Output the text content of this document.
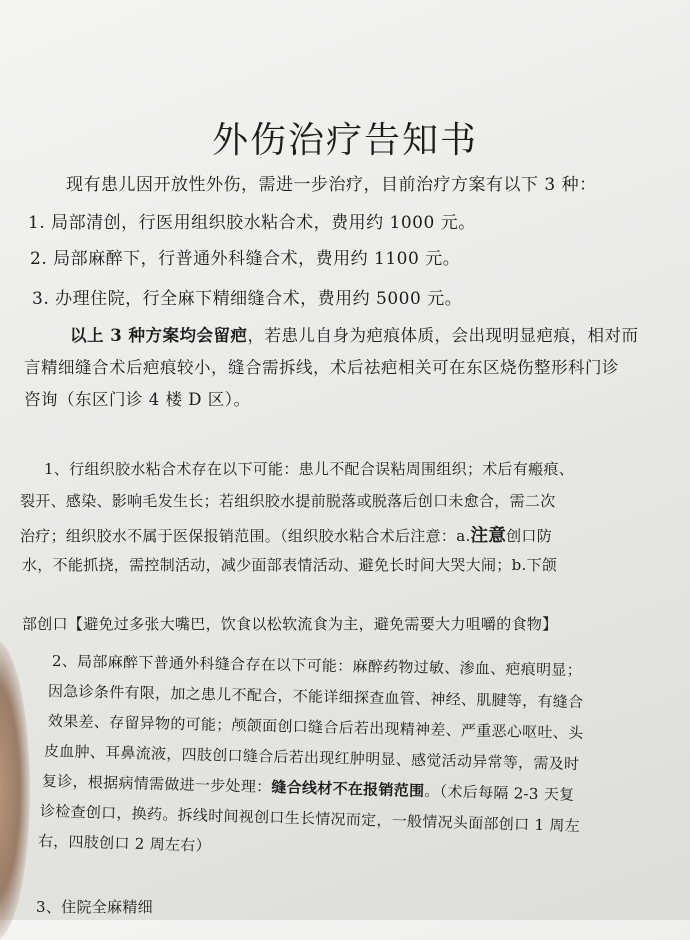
外伤治疗告知书
现有患儿因开放性外伤，需进一步治疗，目前治疗方案有以下 3 种：
1. 局部清创，行医用组织胶水粘合术，费用约 1000 元。
2. 局部麻醉下，行普通外科缝合术，费用约 1100 元。
3. 办理住院，行全麻下精细缝合术，费用约 5000 元。
以上 3 种方案均会留疤，若患儿自身为疤痕体质，会出现明显疤痕，相对而
言精细缝合术后疤痕较小，缝合需拆线，术后祛疤相关可在东区烧伤整形科门诊
咨询（东区门诊 4 楼 D 区）。
1、行组织胶水粘合术存在以下可能：患儿不配合误粘周围组织；术后有瘢痕、
裂开、感染、影响毛发生长；若组织胶水提前脱落或脱落后创口未愈合，需二次
治疗；组织胶水不属于医保报销范围。（组织胶水粘合术后注意：a.注意创口防
水，不能抓挠，需控制活动，减少面部表情活动、避免长时间大哭大闹；b.下颌
部创口【避免过多张大嘴巴，饮食以松软流食为主，避免需要大力咀嚼的食物】
2、局部麻醉下普通外科缝合存在以下可能：麻醉药物过敏、渗血、疤痕明显；
因急诊条件有限，加之患儿不配合，不能详细探查血管、神经、肌腱等，有缝合
效果差、存留异物的可能；颅颌面创口缝合后若出现精神差、严重恶心呕吐、头
皮血肿、耳鼻流液，四肢创口缝合后若出现红肿明显、感觉活动异常等，需及时
复诊，根据病情需做进一步处理：缝合线材不在报销范围。（术后每隔 2-3 天复
诊检查创口，换药。拆线时间视创口生长情况而定，一般情况头面部创口 1 周左
右，四肢创口 2 周左右）
3、住院全麻精细
